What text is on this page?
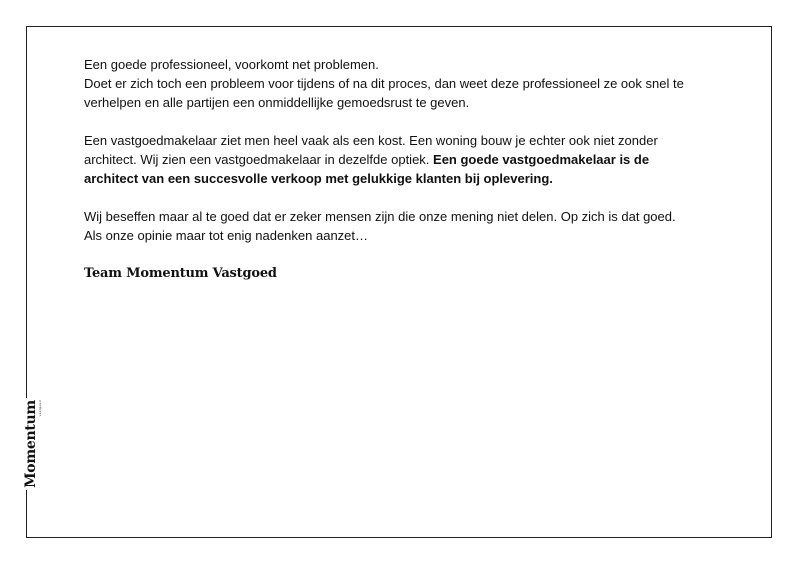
Een goede professioneel, voorkomt net problemen.
Doet er zich toch een probleem voor tijdens of na dit proces, dan weet deze professioneel ze ook snel te
verhelpen en alle partijen een onmiddellijke gemoedsrust te geven.

Een vastgoedmakelaar ziet men heel vaak als een kost. Een woning bouw je echter ook niet zonder
architect. Wij zien een vastgoedmakelaar in dezelfde optiek. Een goede vastgoedmakelaar is de
architect van een succesvolle verkoop met gelukkige klanten bij oplevering.

Wij beseffen maar al te goed dat er zeker mensen zijn die onze mening niet delen. Op zich is dat goed.
Als onze opinie maar tot enig nadenken aanzet…

Team Momentum Vastgoed
Momentum vastgoed
